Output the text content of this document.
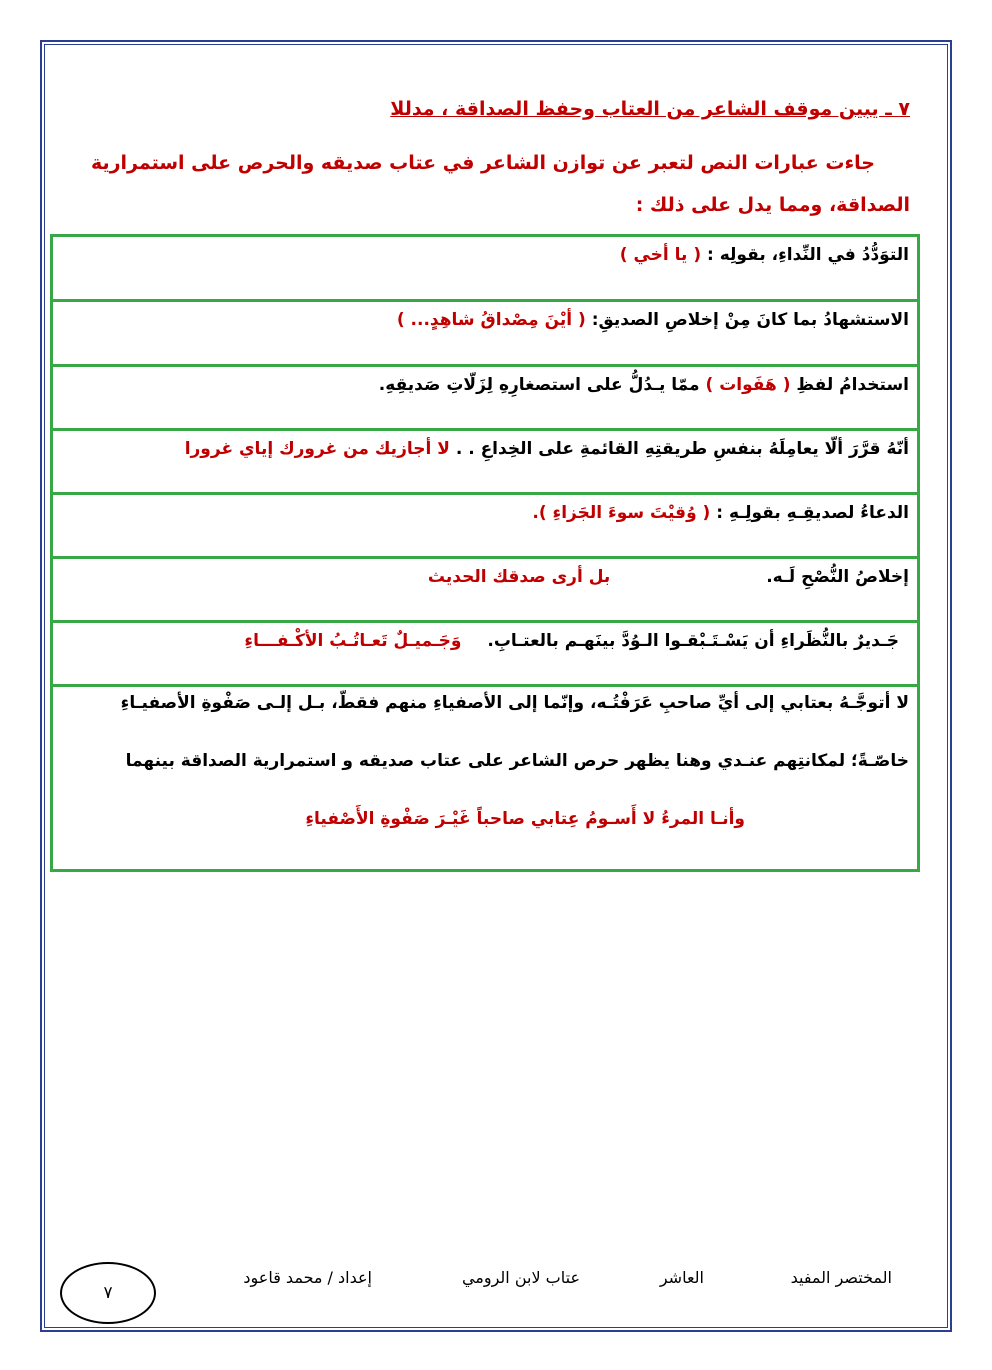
٧ ـ يبين موقف الشاعر من العتاب وحفظ الصداقة ، مدللا
جاءت عبارات النص لتعبر عن توازن الشاعر في عتاب صديقه والحرص على استمرارية
الصداقة، ومما يدل على ذلك :
التوَدُّدُ في النِّداءِ، بقولِه : ( يا أخي )
الاستشهادُ بما كانَ مِنْ إخلاصِ الصديقِ: ( أيْنَ مِصْداقُ شاهِدٍ... )
استخدامُ لفظِ ( هَفَوات ) ممّا يـدُلُّ على استصغارِهِ لِزَلّاتِ صَديقِهِ.
أنّهُ قرَّرَ ألّا يعامِلَهُ بنفسِ طريقتِهِ القائمةِ على الخِداعِ . . لا أجازيك من غرورك إياي غرورا
الدعاءُ لصديقِـهِ بقولِـهِ : ( وُقيْتَ سوءَ الجَزاءِ ).
إخلاصُ النُّصْحِ لَـه. بل أرى صدقك الحديث
جَـديرٌ بالنُّظَراءِ أن يَسْـتَـبْقـوا الـوُدَّ بينَهـم بالعتـابِ. وَجَـميـلٌ تَعـاتُـبُ الأكْـفـــاءِ
لا أتوجَّـهُ بعتابي إلى أيِّ صاحبِ عَرَفْتُـه، وإنّما إلى الأصفياءِ منهم فقطّ، بـل إلـى صَفْوةِ الأصفيـاءِ
خاصّـةً؛ لمكانتِهم عنـدي وهنا يظهر حرص الشاعر على عتاب صديقه و استمرارية الصداقة بينهما
وأنـا المرءُ لا أَسـومُ عِتابي صاحباً غَيْـرَ صَفْوةِ الأَصْفياءِ
المختصر المفيد
العاشر
عتاب لابن الرومي
إعداد / محمد قاعود
٧
